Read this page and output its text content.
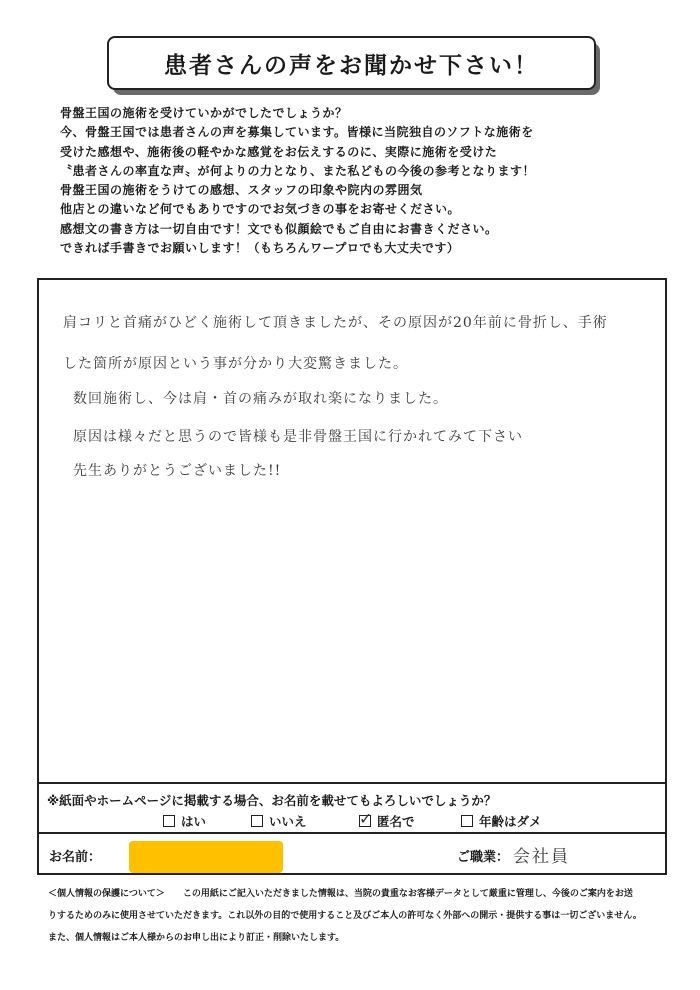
患者さんの声をお聞かせ下さい！
骨盤王国の施術を受けていかがでしたでしょうか？
今、骨盤王国では患者さんの声を募集しています。皆様に当院独自のソフトな施術を
受けた感想や、施術後の軽やかな感覚をお伝えするのに、実際に施術を受けた
〝患者さんの率直な声〟が何よりの力となり、また私どもの今後の参考となります！
骨盤王国の施術をうけての感想、スタッフの印象や院内の雰囲気
他店との違いなど何でもありですのでお気づきの事をお寄せください。
感想文の書き方は一切自由です！文でも似顔絵でもご自由にお書きください。
できれば手書きでお願いします！（もちろんワープロでも大丈夫です）
肩コリと首痛がひどく施術して頂きましたが、その原因が20年前に骨折し、手術
した箇所が原因という事が分かり大変驚きました。
数回施術し、今は肩・首の痛みが取れ楽になりました。
原因は様々だと思うので皆様も是非骨盤王国に行かれてみて下さい
先生ありがとうございました!!
※紙面やホームページに掲載する場合、お名前を載せてもよろしいでしょうか？
はい	いいえ	✓ 匿名で	年齢はダメ
お名前：	ご職業： 会社員
＜個人情報の保護について＞　　この用紙にご記入いただきました情報は、当院の貴重なお客様データとして厳重に管理し、今後のご案内をお送
りするためのみに使用させていただきます。これ以外の目的で使用すること及びご本人の許可なく外部への開示・提供する事は一切ございません。
また、個人情報はご本人様からのお申し出により訂正・削除いたします。
